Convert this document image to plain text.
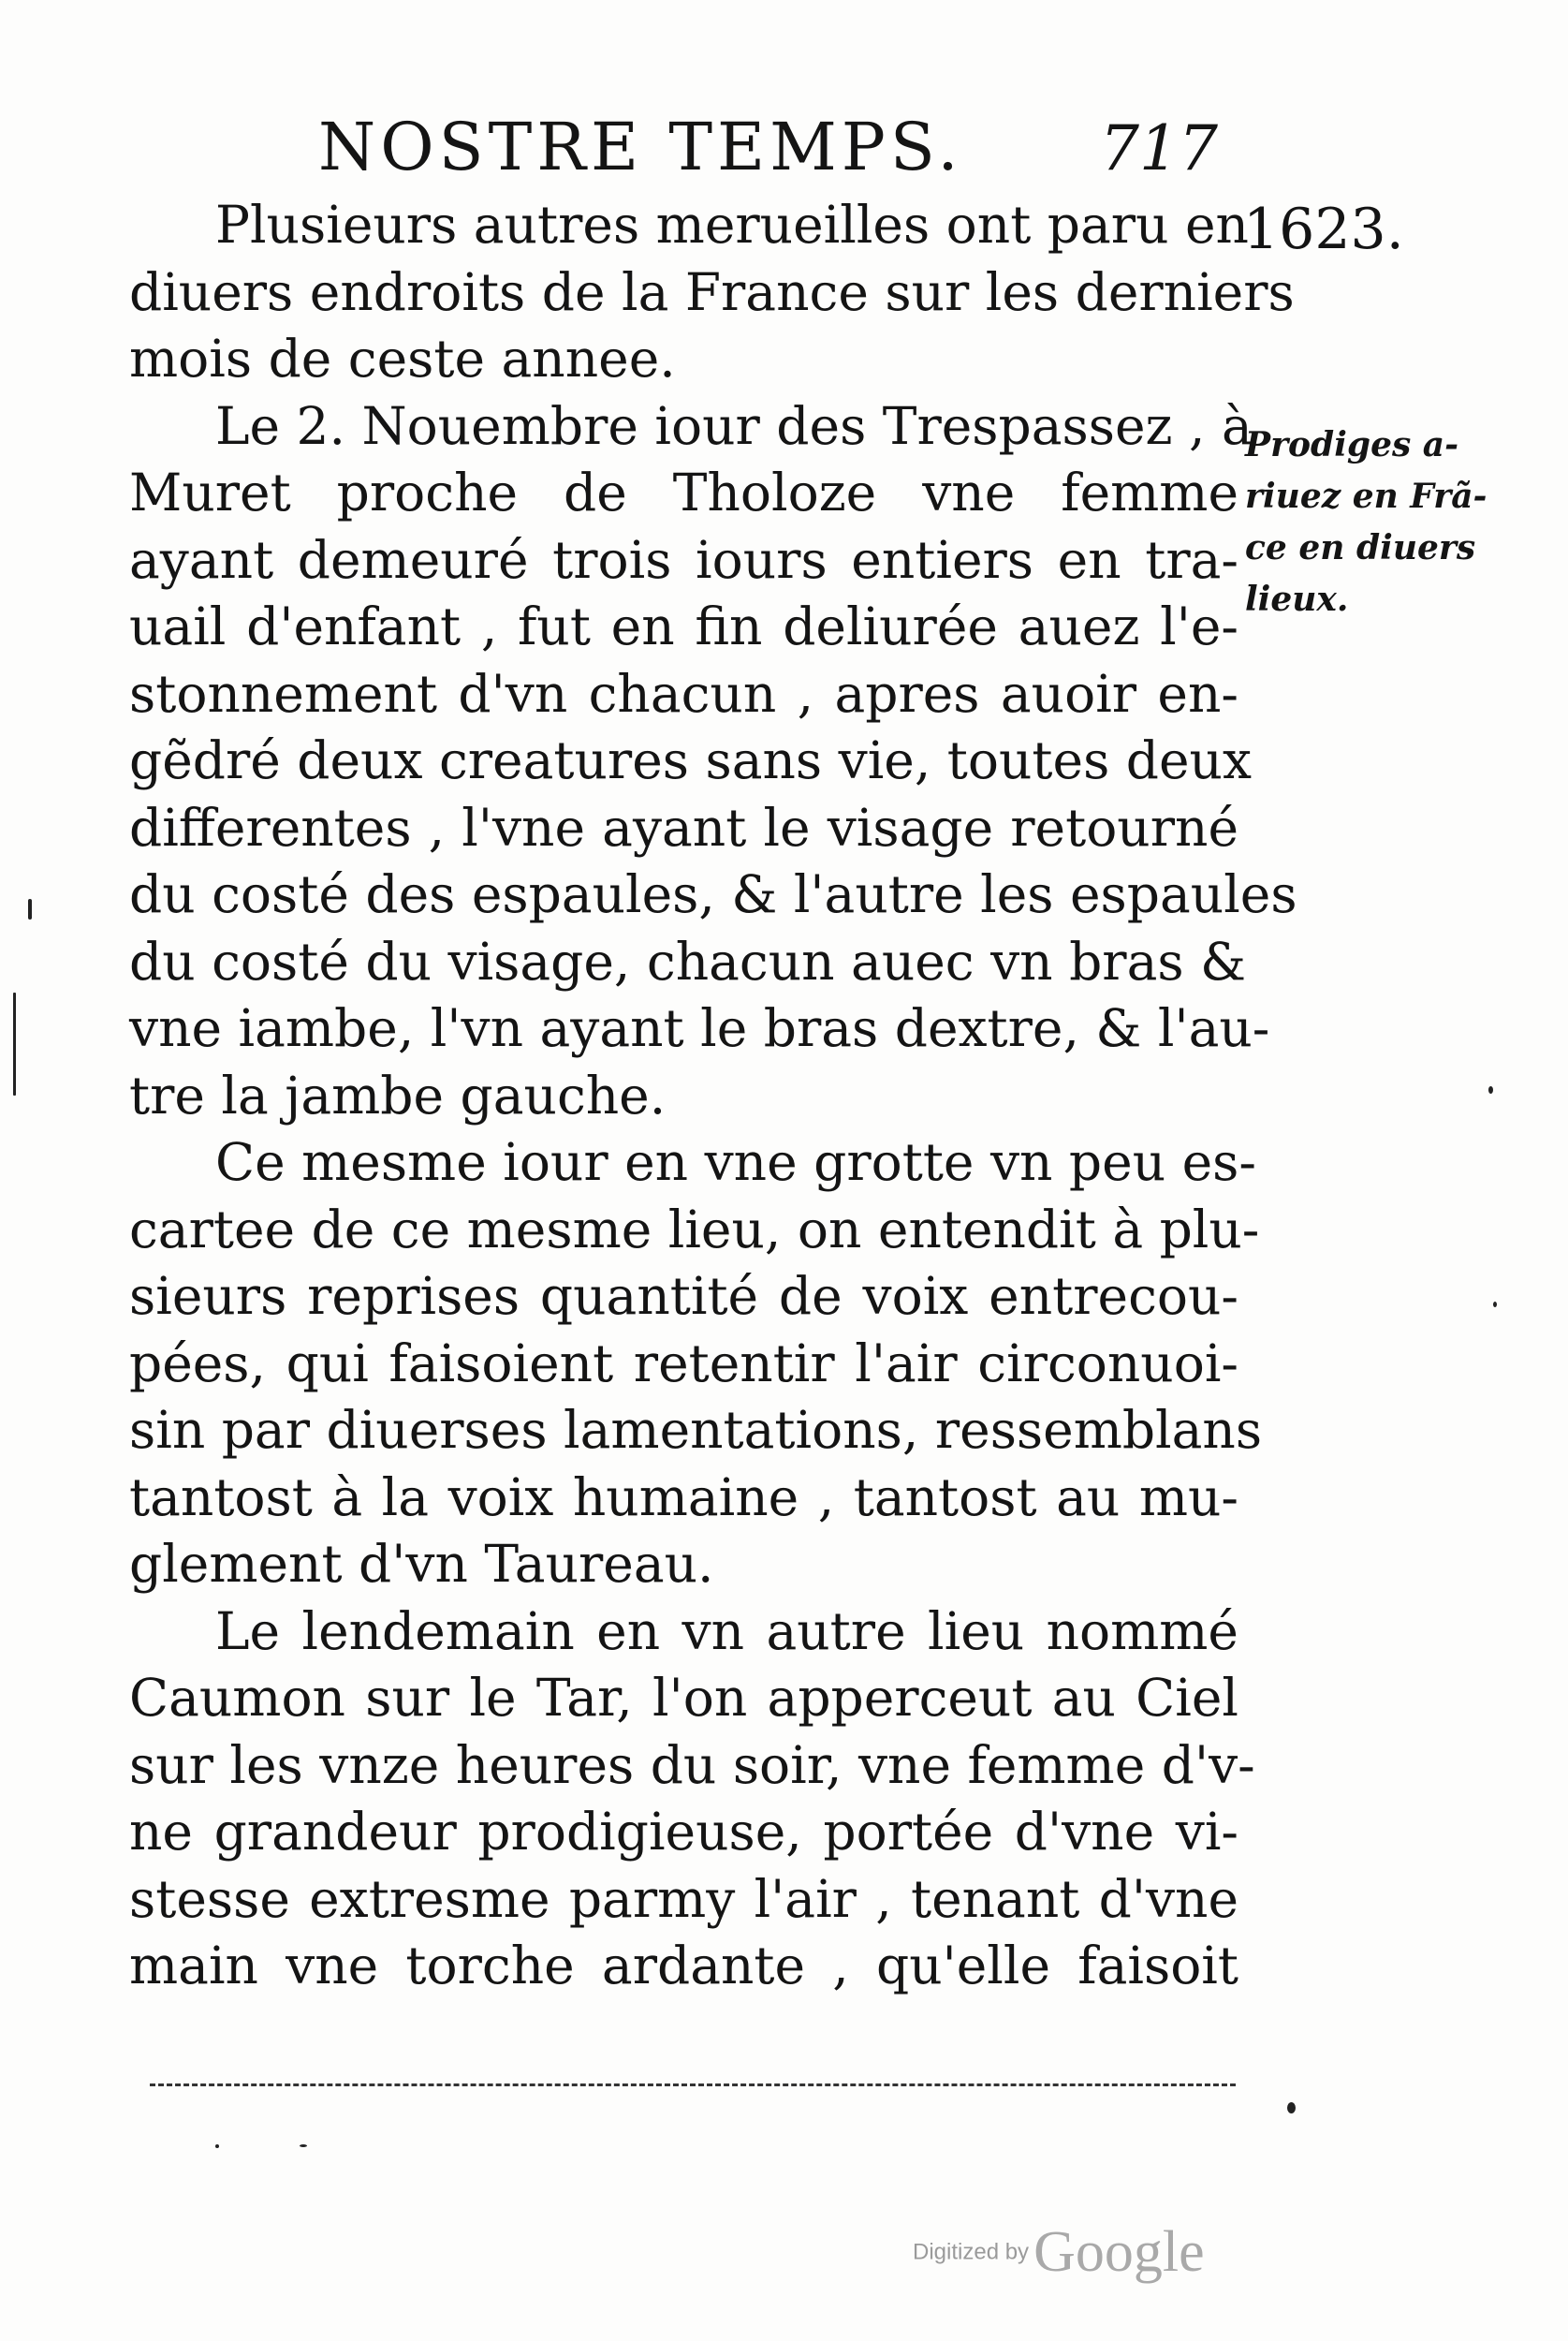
NOSTRE TEMPS. 717
1623.
Plusieurs autres merueilles ont paru en
diuers endroits de la France sur les derniers
mois de ceste annee.
Le 2. Nouembre iour des Trespassez , à
Muret proche de Tholoze vne femme
ayant demeuré trois iours entiers en tra-
uail d'enfant , fut en fin deliurée auez l'e-
stonnement d'vn chacun , apres auoir en-
gẽdré deux creatures sans vie, toutes deux
differentes , l'vne ayant le visage retourné
du costé des espaules, & l'autre les espaules
du costé du visage, chacun auec vn bras &
vne iambe, l'vn ayant le bras dextre, & l'au-
tre la jambe gauche.
Ce mesme iour en vne grotte vn peu es-
cartee de ce mesme lieu, on entendit à plu-
sieurs reprises quantité de voix entrecou-
pées, qui faisoient retentir l'air circonuoi-
sin par diuerses lamentations, ressemblans
tantost à la voix humaine , tantost au mu-
glement d'vn Taureau.
Le lendemain en vn autre lieu nommé
Caumon sur le Tar, l'on apperceut au Ciel
sur les vnze heures du soir, vne femme d'v-
ne grandeur prodigieuse, portée d'vne vi-
stesse extresme parmy l'air , tenant d'vne
main vne torche ardante , qu'elle faisoit
Prodiges a-
riuez en Frã-
ce en diuers
lieux.
Digitized by Google
